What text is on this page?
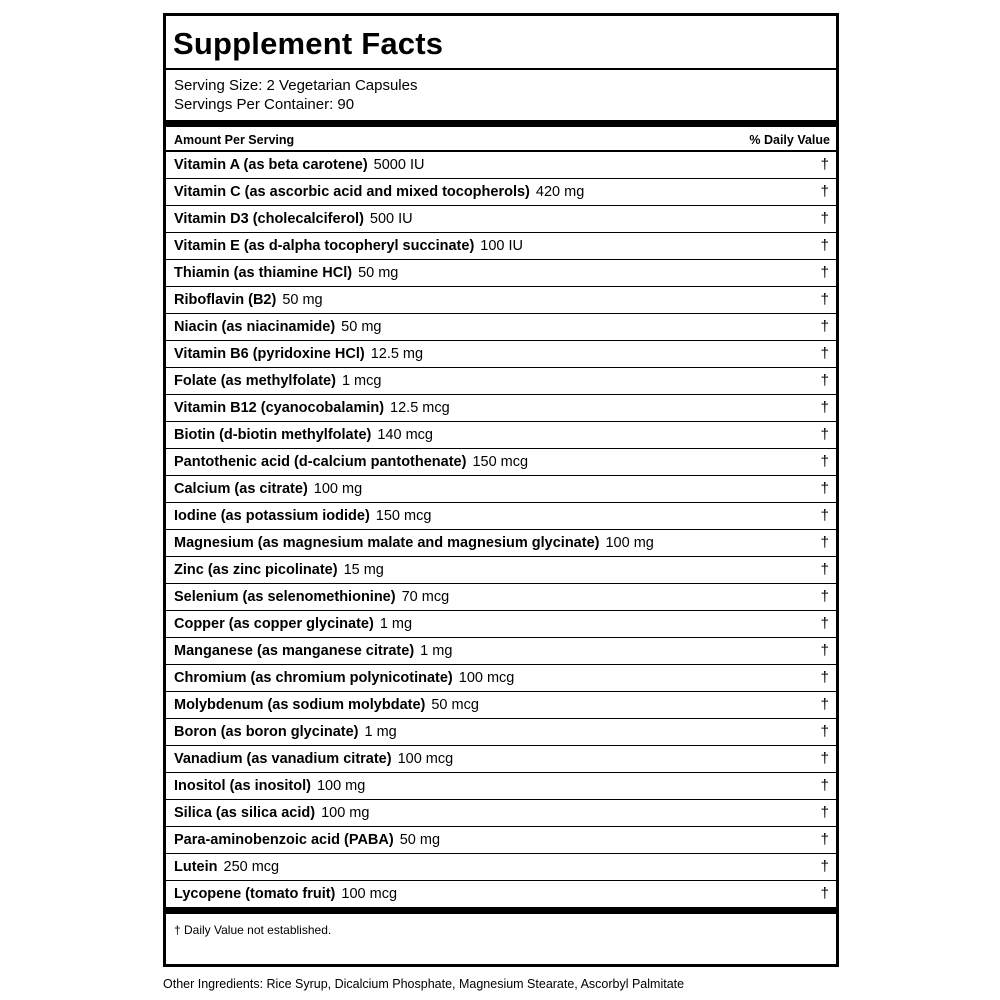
Supplement Facts
Serving Size: 2 Vegetarian Capsules
Servings Per Container: 90
Amount Per Serving	% Daily Value
Vitamin A (as beta carotene) 5000 IU	†
Vitamin C (as ascorbic acid and mixed tocopherols) 420 mg	†
Vitamin D3 (cholecalciferol) 500 IU	†
Vitamin E (as d-alpha tocopheryl succinate) 100 IU	†
Thiamin (as thiamine HCl) 50 mg	†
Riboflavin (B2) 50 mg	†
Niacin (as niacinamide) 50 mg	†
Vitamin B6 (pyridoxine HCl) 12.5 mg	†
Folate (as methylfolate) 1 mcg	†
Vitamin B12 (cyanocobalamin) 12.5 mcg	†
Biotin (d-biotin methylfolate) 140 mcg	†
Pantothenic acid (d-calcium pantothenate) 150 mcg	†
Calcium (as citrate) 100 mg	†
Iodine (as potassium iodide) 150 mcg	†
Magnesium (as magnesium malate and magnesium glycinate) 100 mg	†
Zinc (as zinc picolinate) 15 mg	†
Selenium (as selenomethionine) 70 mcg	†
Copper (as copper glycinate) 1 mg	†
Manganese (as manganese citrate) 1 mg	†
Chromium (as chromium polynicotinate) 100 mcg	†
Molybdenum (as sodium molybdate) 50 mcg	†
Boron (as boron glycinate) 1 mg	†
Vanadium (as vanadium citrate) 100 mcg	†
Inositol (as inositol) 100 mg	†
Silica (as silica acid) 100 mg	†
Para-aminobenzoic acid (PABA) 50 mg	†
Lutein 250 mcg	†
Lycopene (tomato fruit) 100 mcg	†
† Daily Value not established.
Other Ingredients: Rice Syrup, Dicalcium Phosphate, Magnesium Stearate, Ascorbyl Palmitate
